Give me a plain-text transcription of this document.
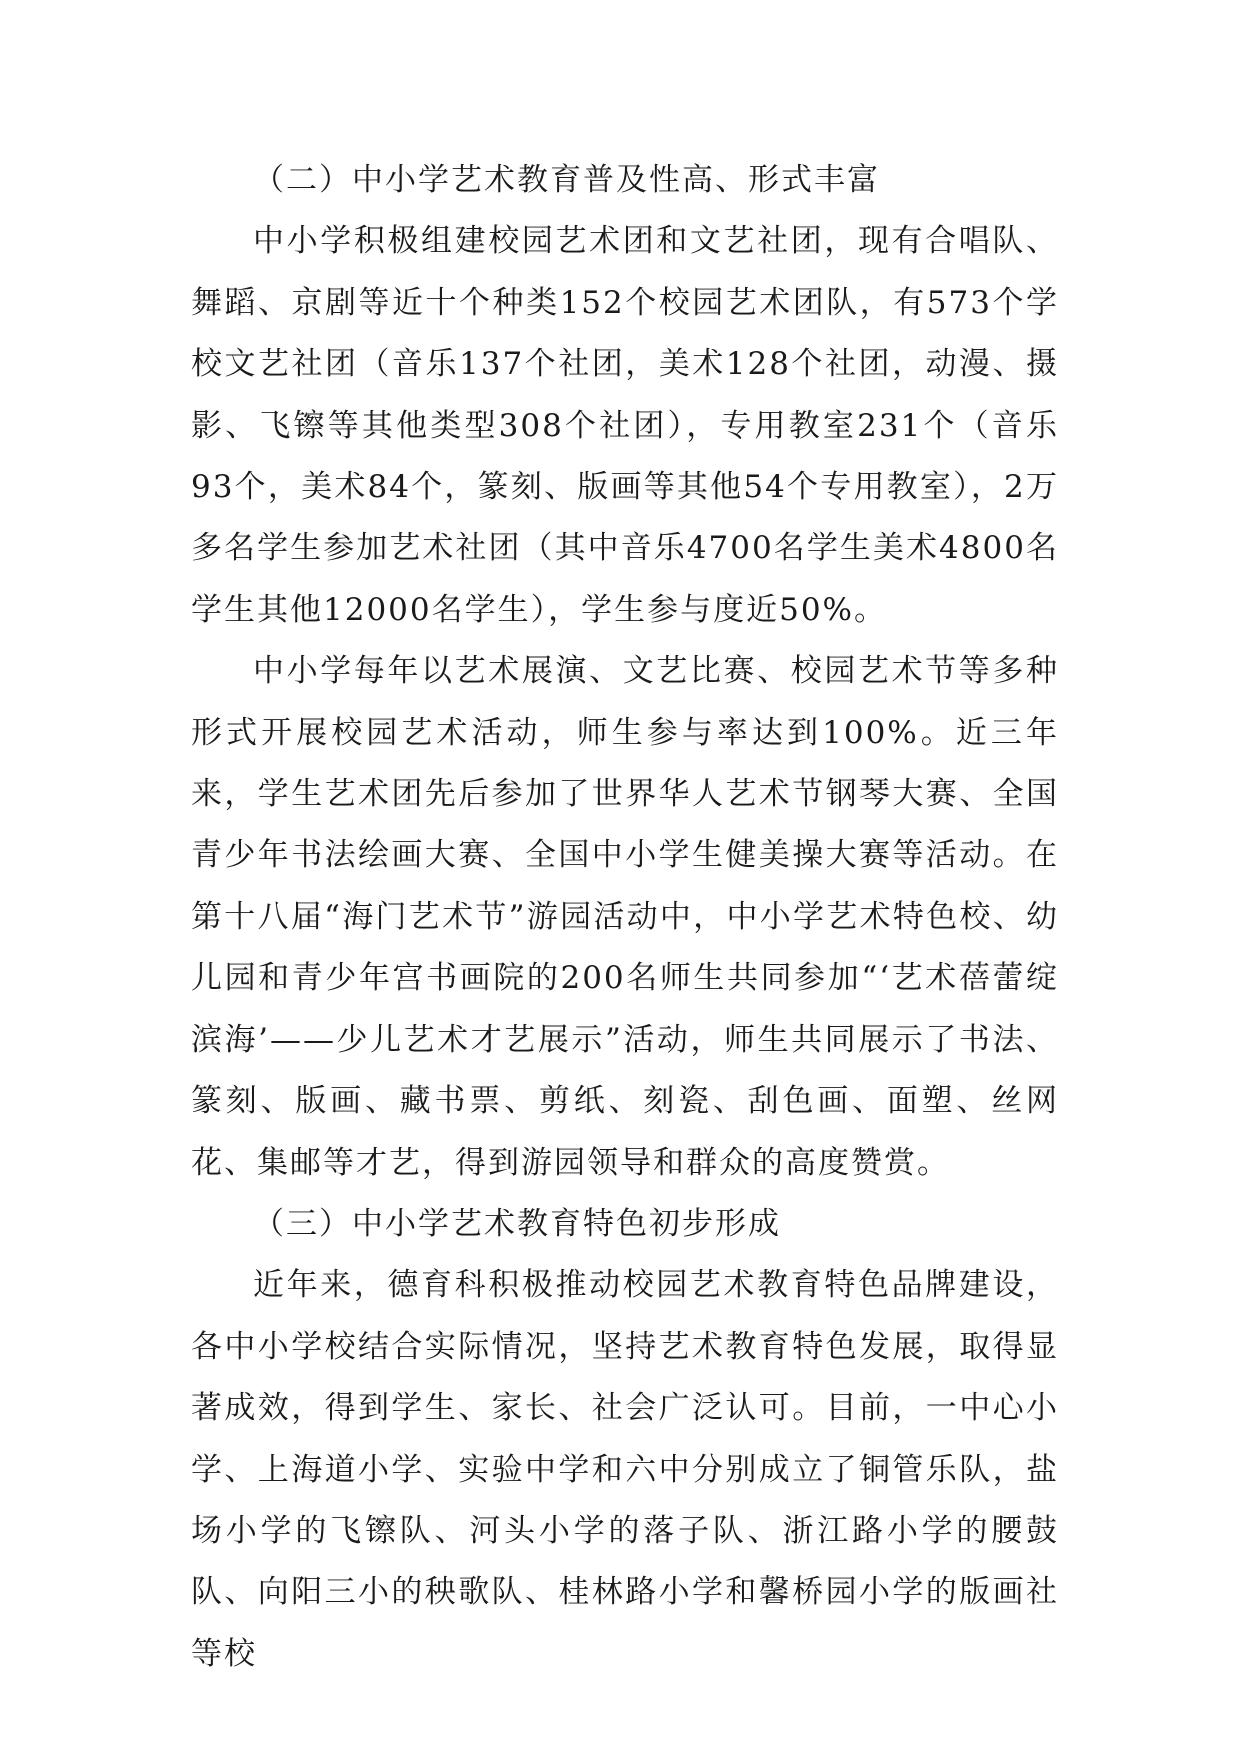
（二）中小学艺术教育普及性高、形式丰富

中小学积极组建校园艺术团和文艺社团，现有合唱队、舞蹈、京剧等近十个种类152个校园艺术团队，有573个学校文艺社团（音乐137个社团，美术128个社团，动漫、摄影、飞镲等其他类型308个社团），专用教室231个（音乐93个，美术84个，篆刻、版画等其他54个专用教室），2万多名学生参加艺术社团（其中音乐4700名学生美术4800名学生其他12000名学生），学生参与度近50%。

中小学每年以艺术展演、文艺比赛、校园艺术节等多种形式开展校园艺术活动，师生参与率达到100%。近三年来，学生艺术团先后参加了世界华人艺术节钢琴大赛、全国青少年书法绘画大赛、全国中小学生健美操大赛等活动。在第十八届“海门艺术节”游园活动中，中小学艺术特色校、幼儿园和青少年宫书画院的200名师生共同参加“‘艺术蓓蕾绽滨海’——少儿艺术才艺展示”活动，师生共同展示了书法、篆刻、版画、藏书票、剪纸、刻瓷、刮色画、面塑、丝网花、集邮等才艺，得到游园领导和群众的高度赞赏。

（三）中小学艺术教育特色初步形成

近年来，德育科积极推动校园艺术教育特色品牌建设，各中小学校结合实际情况，坚持艺术教育特色发展，取得显著成效，得到学生、家长、社会广泛认可。目前，一中心小学、上海道小学、实验中学和六中分别成立了铜管乐队，盐场小学的飞镲队、河头小学的落子队、浙江路小学的腰鼓队、向阳三小的秧歌队、桂林路小学和馨桥园小学的版画社等校
